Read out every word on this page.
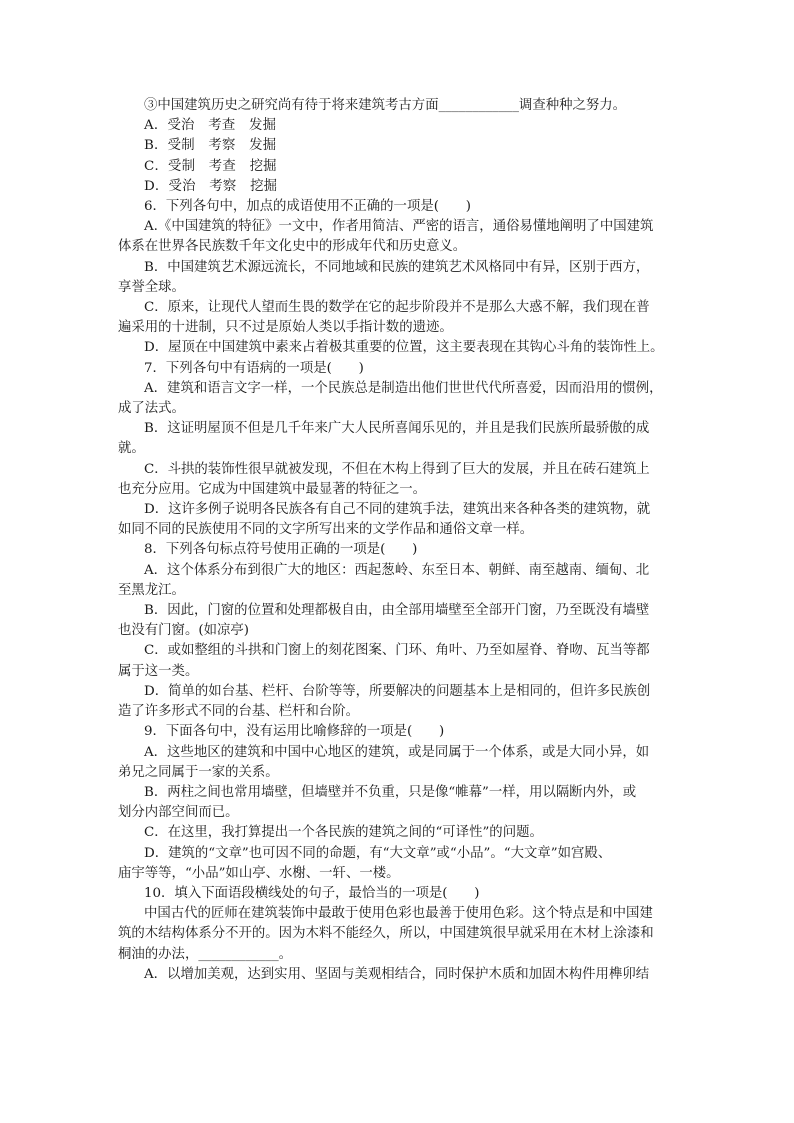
③中国建筑历史之研究尚有待于将来建筑考古方面____________调查种种之努力。
A．受治　考查　发掘
B．受制　考察　发掘
C．受制　考查　挖掘
D．受治　考察　挖掘
6．下列各句中，加点的成语使用不正确的一项是(　　)
A.《中国建筑的特征》一文中，作者用简洁、严密的语言，通俗易懂地阐明了中国建筑
体系在世界各民族数千年文化史中的形成年代和历史意义。
B．中国建筑艺术源远流长，不同地域和民族的建筑艺术风格同中有异，区别于西方，
享誉全球。
C．原来，让现代人望而生畏的数学在它的起步阶段并不是那么大惑不解，我们现在普
遍采用的十进制，只不过是原始人类以手指计数的遗迹。
D．屋顶在中国建筑中素来占着极其重要的位置，这主要表现在其钩心斗角的装饰性上。
7．下列各句中有语病的一项是(　　)
A．建筑和语言文字一样，一个民族总是制造出他们世世代代所喜爱，因而沿用的惯例，
成了法式。
B．这证明屋顶不但是几千年来广大人民所喜闻乐见的，并且是我们民族所最骄傲的成
就。
C．斗拱的装饰性很早就被发现，不但在木构上得到了巨大的发展，并且在砖石建筑上
也充分应用。它成为中国建筑中最显著的特征之一。
D．这许多例子说明各民族各有自己不同的建筑手法，建筑出来各种各类的建筑物，就
如同不同的民族使用不同的文字所写出来的文学作品和通俗文章一样。
8．下列各句标点符号使用正确的一项是(　　)
A．这个体系分布到很广大的地区：西起葱岭、东至日本、朝鲜、南至越南、缅甸、北
至黑龙江。
B．因此，门窗的位置和处理都极自由，由全部用墙壁至全部开门窗，乃至既没有墙壁
也没有门窗。(如凉亭)
C．或如整组的斗拱和门窗上的刻花图案、门环、角叶、乃至如屋脊、脊吻、瓦当等都
属于这一类。
D．简单的如台基、栏杆、台阶等等，所要解决的问题基本上是相同的，但许多民族创
造了许多形式不同的台基、栏杆和台阶。
9．下面各句中，没有运用比喻修辞的一项是(　　)
A．这些地区的建筑和中国中心地区的建筑，或是同属于一个体系，或是大同小异，如
弟兄之同属于一家的关系。
B．两柱之间也常用墙壁，但墙壁并不负重，只是像“帷幕”一样，用以隔断内外，或
划分内部空间而已。
C．在这里，我打算提出一个各民族的建筑之间的“可译性”的问题。
D．建筑的“文章”也可因不同的命题，有“大文章”或“小品”。“大文章”如宫殿、
庙宇等等，“小品”如山亭、水榭、一轩、一楼。
10．填入下面语段横线处的句子，最恰当的一项是(　　)
中国古代的匠师在建筑装饰中最敢于使用色彩也最善于使用色彩。这个特点是和中国建
筑的木结构体系分不开的。因为木料不能经久，所以，中国建筑很早就采用在木材上涂漆和
桐油的办法，____________。
A．以增加美观，达到实用、坚固与美观相结合，同时保护木质和加固木构件用榫卯结
